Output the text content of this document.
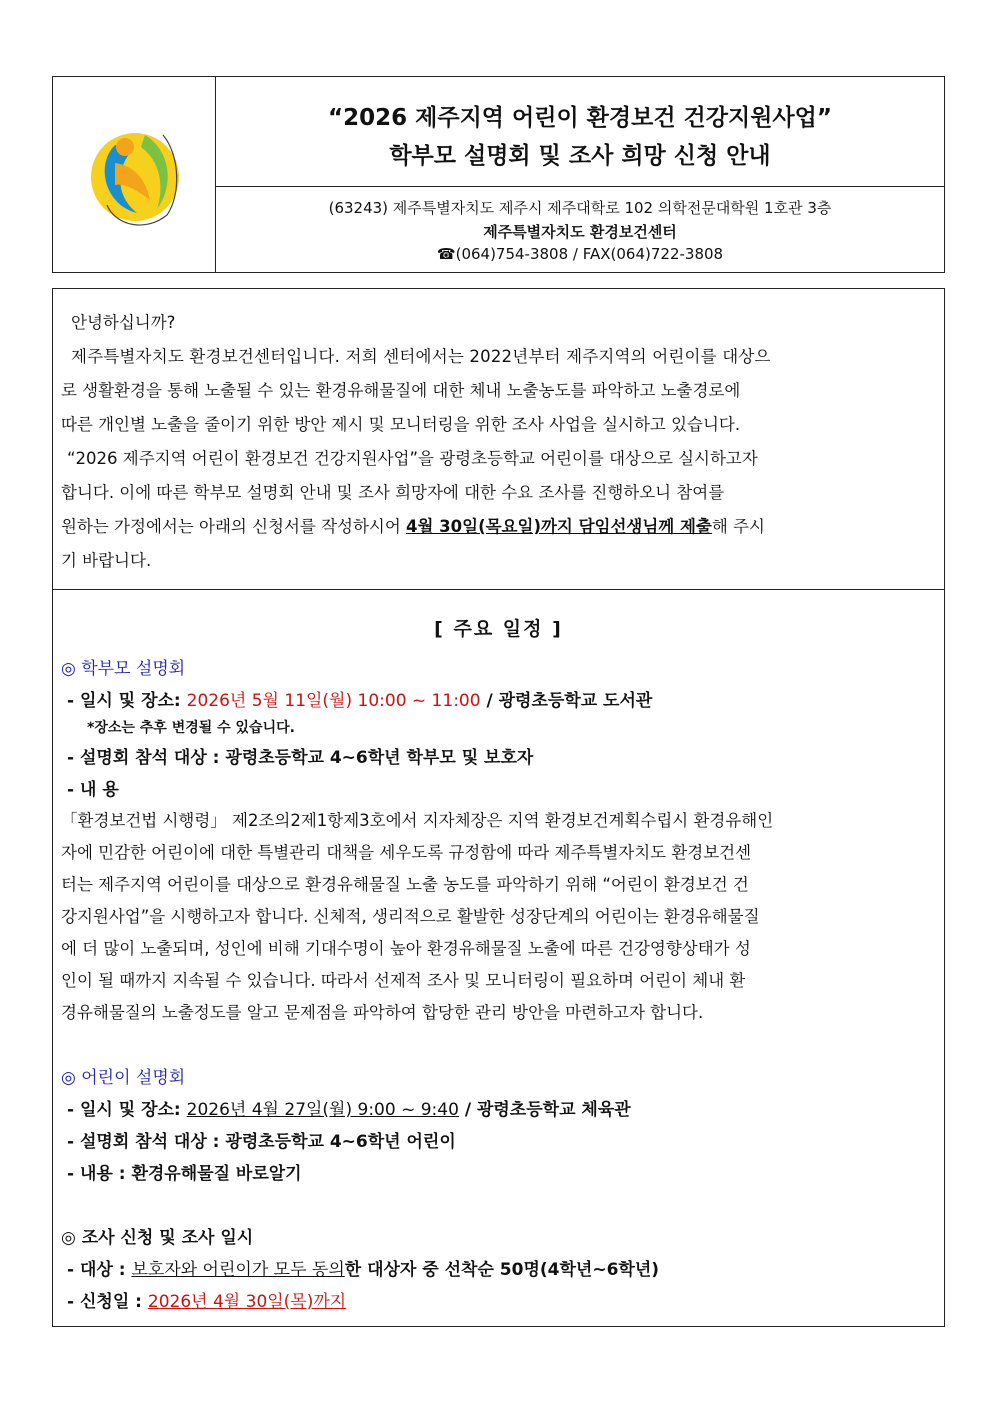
“2026 제주지역 어린이 환경보건 건강지원사업”
학부모 설명회 및 조사 희망 신청 안내
(63243) 제주특별자치도 제주시 제주대학로 102 의학전문대학원 1호관 3층
제주특별자치도 환경보건센터
☎(064)754-3808 / FAX(064)722-3808
안녕하십니까?
제주특별자치도 환경보건센터입니다. 저희 센터에서는 2022년부터 제주지역의 어린이를 대상으
로 생활환경을 통해 노출될 수 있는 환경유해물질에 대한 체내 노출농도를 파악하고 노출경로에
따른 개인별 노출을 줄이기 위한 방안 제시 및 모니터링을 위한 조사 사업을 실시하고 있습니다.
“2026 제주지역 어린이 환경보건 건강지원사업”을 광령초등학교 어린이를 대상으로 실시하고자
합니다. 이에 따른 학부모 설명회 안내 및 조사 희망자에 대한 수요 조사를 진행하오니 참여를
원하는 가정에서는 아래의 신청서를 작성하시어 4월 30일(목요일)까지 담임선생님께 제출해 주시
기 바랍니다.
[ 주요 일정 ]
◎ 학부모 설명회
- 일시 및 장소: 2026년 5월 11일(월) 10:00 ~ 11:00 / 광령초등학교 도서관
*장소는 추후 변경될 수 있습니다.
- 설명회 참석 대상 : 광령초등학교 4~6학년 학부모 및 보호자
- 내 용
「환경보건법 시행령」 제2조의2제1항제3호에서 지자체장은 지역 환경보건계획수립시 환경유해인
자에 민감한 어린이에 대한 특별관리 대책을 세우도록 규정함에 따라 제주특별자치도 환경보건센
터는 제주지역 어린이를 대상으로 환경유해물질 노출 농도를 파악하기 위해 “어린이 환경보건 건
강지원사업”을 시행하고자 합니다. 신체적, 생리적으로 활발한 성장단계의 어린이는 환경유해물질
에 더 많이 노출되며, 성인에 비해 기대수명이 높아 환경유해물질 노출에 따른 건강영향상태가 성
인이 될 때까지 지속될 수 있습니다. 따라서 선제적 조사 및 모니터링이 필요하며 어린이 체내 환
경유해물질의 노출정도를 알고 문제점을 파악하여 합당한 관리 방안을 마련하고자 합니다.
◎ 어린이 설명회
- 일시 및 장소: 2026년 4월 27일(월) 9:00 ~ 9:40 / 광령초등학교 체육관
- 설명회 참석 대상 : 광령초등학교 4~6학년 어린이
- 내용 : 환경유해물질 바로알기
◎ 조사 신청 및 조사 일시
- 대상 : 보호자와 어린이가 모두 동의한 대상자 중 선착순 50명(4학년~6학년)
- 신청일 : 2026년 4월 30일(목)까지
